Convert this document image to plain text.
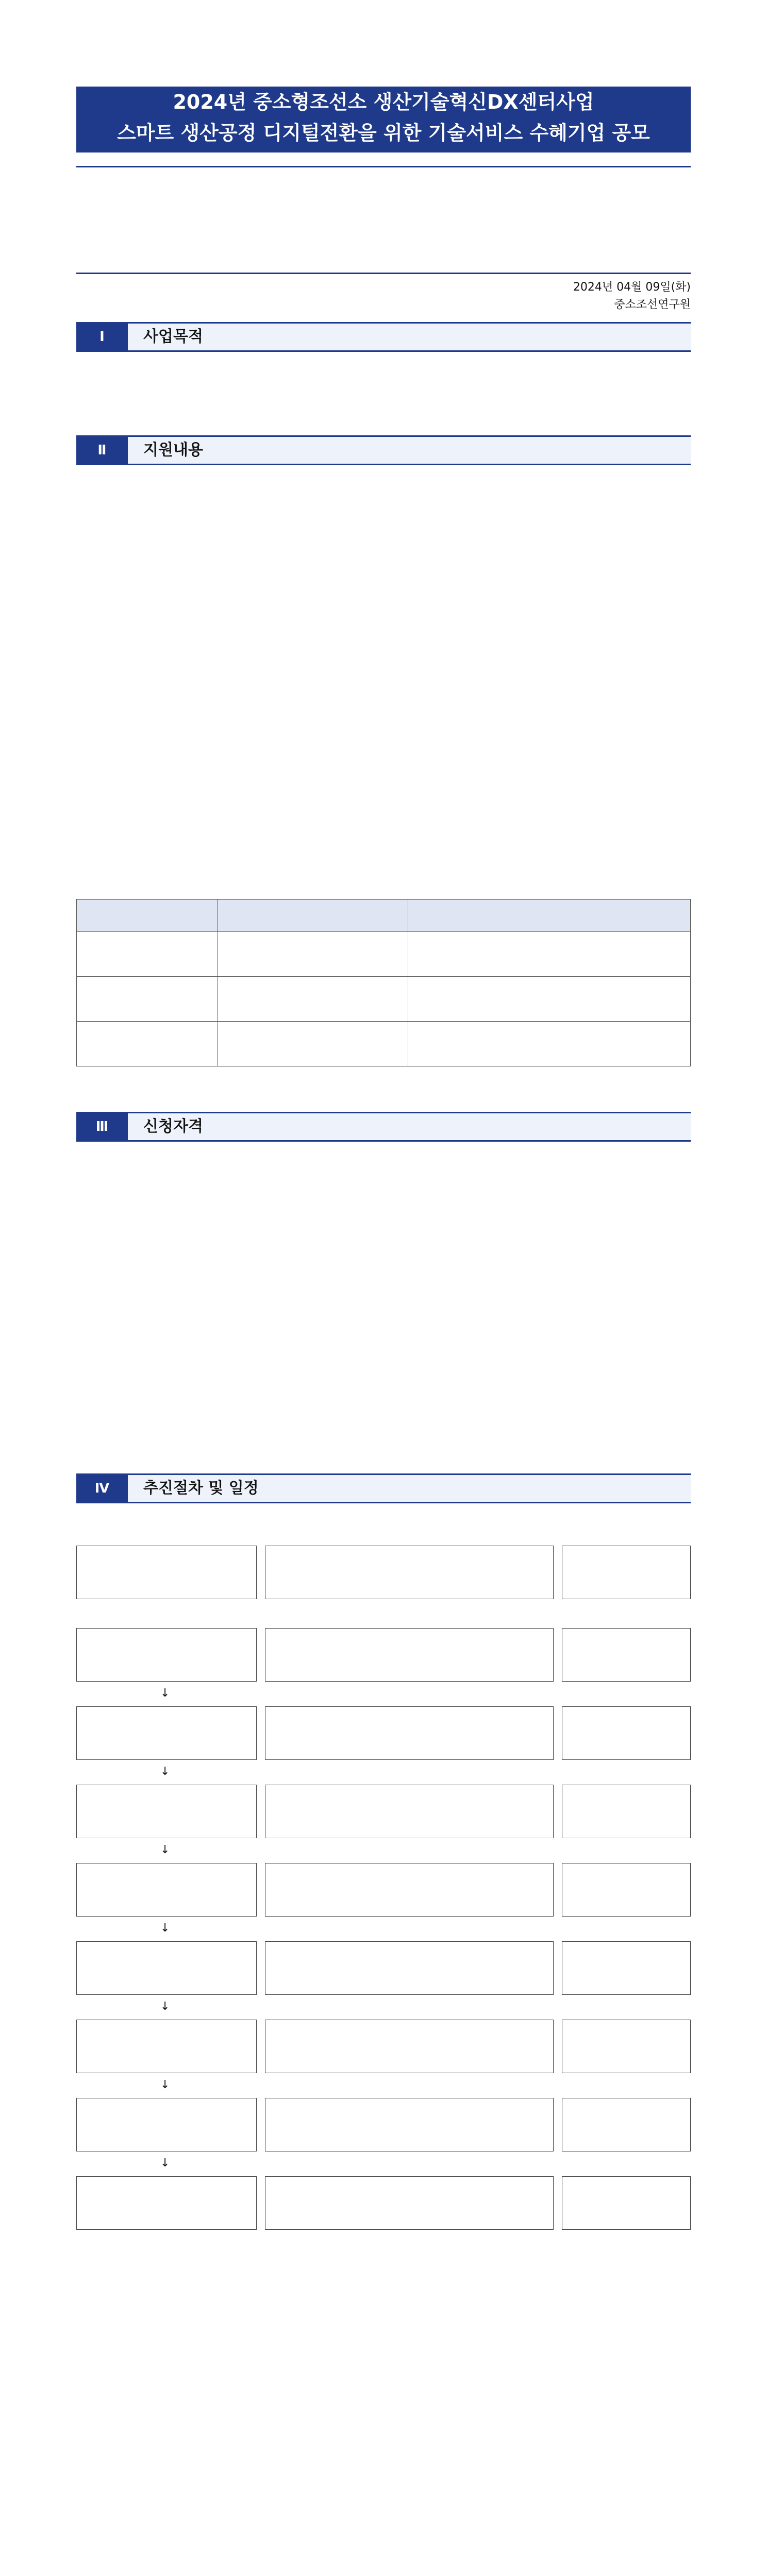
2024년 중소형조선소 생산기술혁신DX센터사업
스마트 생산공정 디지털전환을 위한 기술서비스 수혜기업 공모
2024년 04월 09일(화)
중소조선연구원
Ⅰ	사업목적
Ⅱ	지원내용

Ⅲ	신청자격
Ⅳ	추진절차 및 일정
↓
↓
↓
↓
↓
↓
↓
